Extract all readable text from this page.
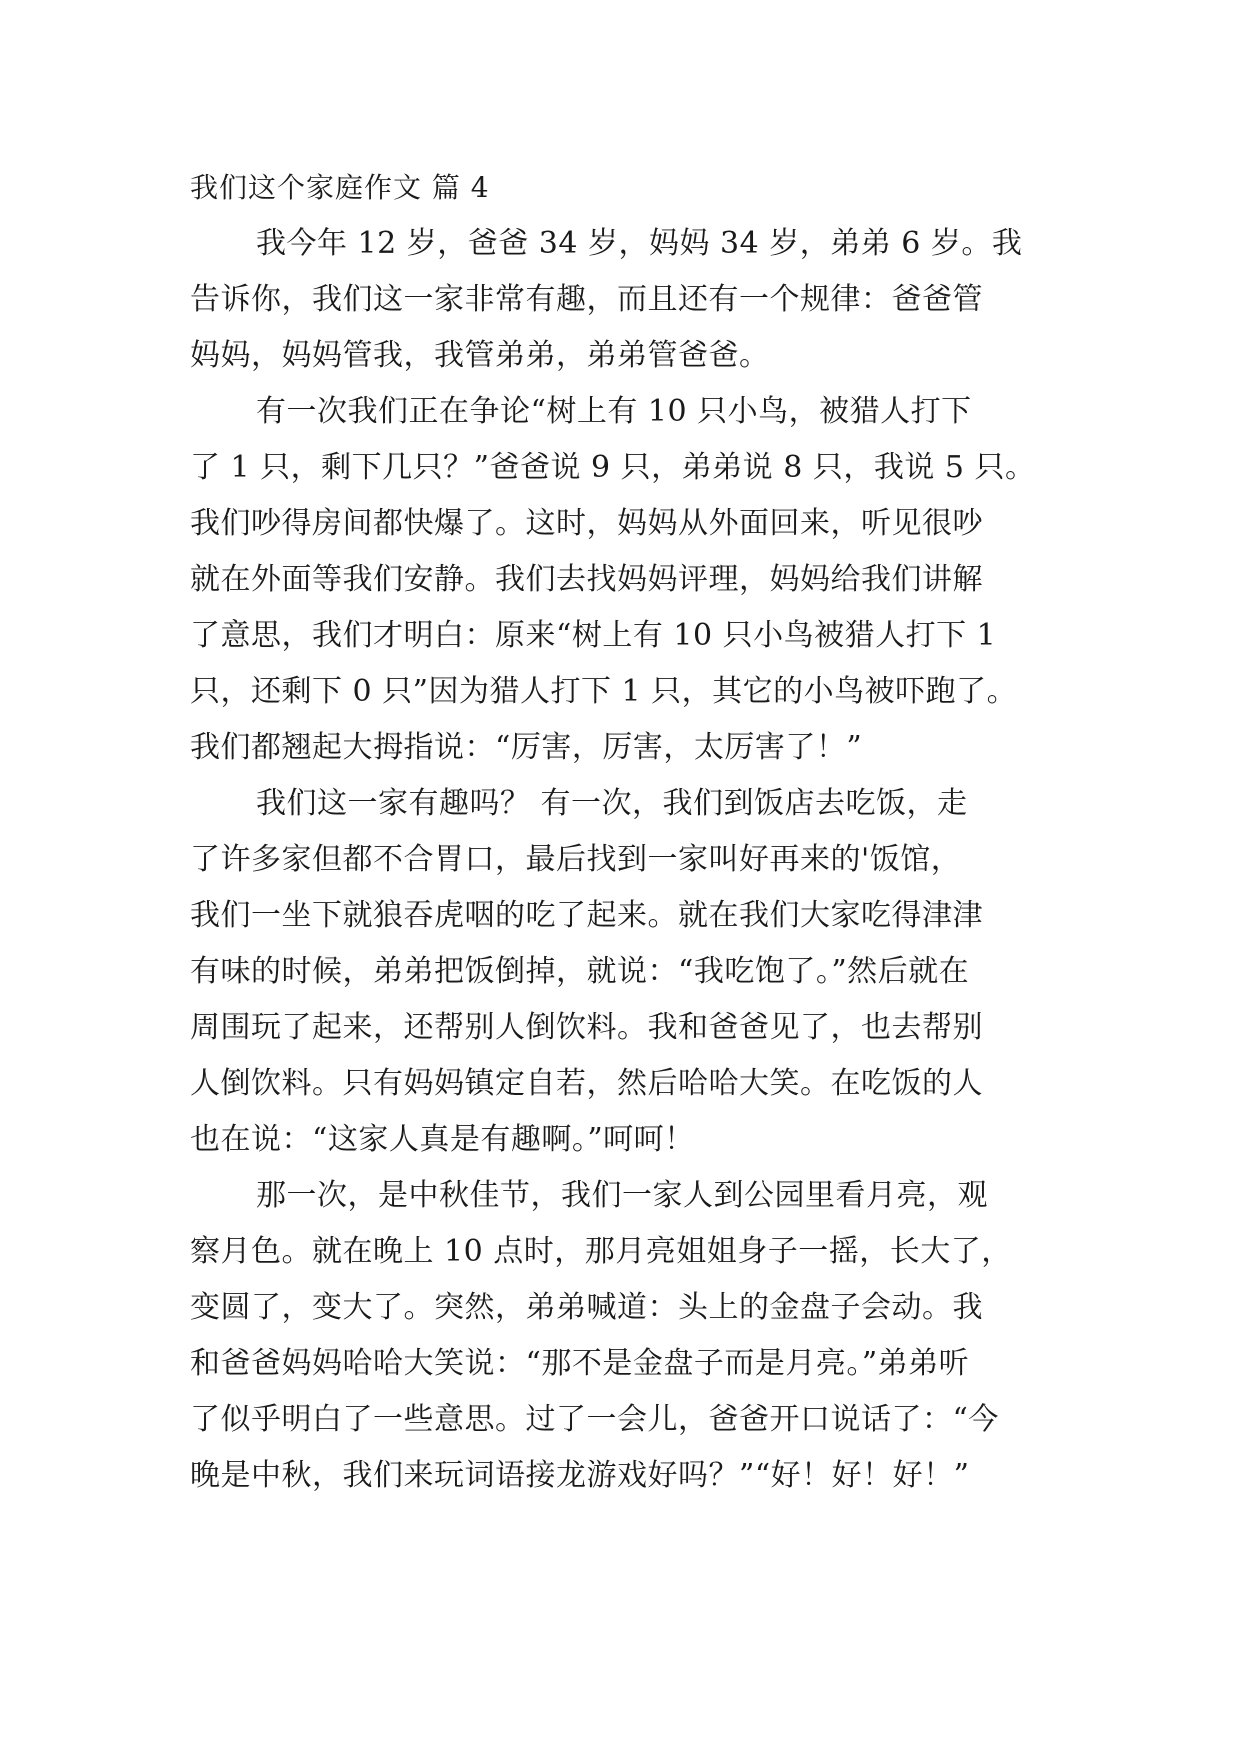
我们这个家庭作文 篇 4
我今年 12 岁，爸爸 34 岁，妈妈 34 岁，弟弟 6 岁。我
告诉你，我们这一家非常有趣，而且还有一个规律：爸爸管
妈妈，妈妈管我，我管弟弟，弟弟管爸爸。
有一次我们正在争论“树上有 10 只小鸟，被猎人打下
了 1 只，剩下几只？”爸爸说 9 只，弟弟说 8 只，我说 5 只。
我们吵得房间都快爆了。这时，妈妈从外面回来，听见很吵
就在外面等我们安静。我们去找妈妈评理，妈妈给我们讲解
了意思，我们才明白：原来“树上有 10 只小鸟被猎人打下 1
只，还剩下 0 只”因为猎人打下 1 只，其它的小鸟被吓跑了。
我们都翘起大拇指说：“厉害，厉害，太厉害了！”
我们这一家有趣吗？ 有一次，我们到饭店去吃饭，走
了许多家但都不合胃口，最后找到一家叫好再来的'饭馆，
我们一坐下就狼吞虎咽的吃了起来。就在我们大家吃得津津
有味的时候，弟弟把饭倒掉，就说：“我吃饱了。”然后就在
周围玩了起来，还帮别人倒饮料。我和爸爸见了，也去帮别
人倒饮料。只有妈妈镇定自若，然后哈哈大笑。在吃饭的人
也在说：“这家人真是有趣啊。”呵呵！
那一次，是中秋佳节，我们一家人到公园里看月亮，观
察月色。就在晚上 10 点时，那月亮姐姐身子一摇，长大了，
变圆了，变大了。突然，弟弟喊道：头上的金盘子会动。我
和爸爸妈妈哈哈大笑说：“那不是金盘子而是月亮。”弟弟听
了似乎明白了一些意思。过了一会儿，爸爸开口说话了：“今
晚是中秋，我们来玩词语接龙游戏好吗？”“好！好！好！”
